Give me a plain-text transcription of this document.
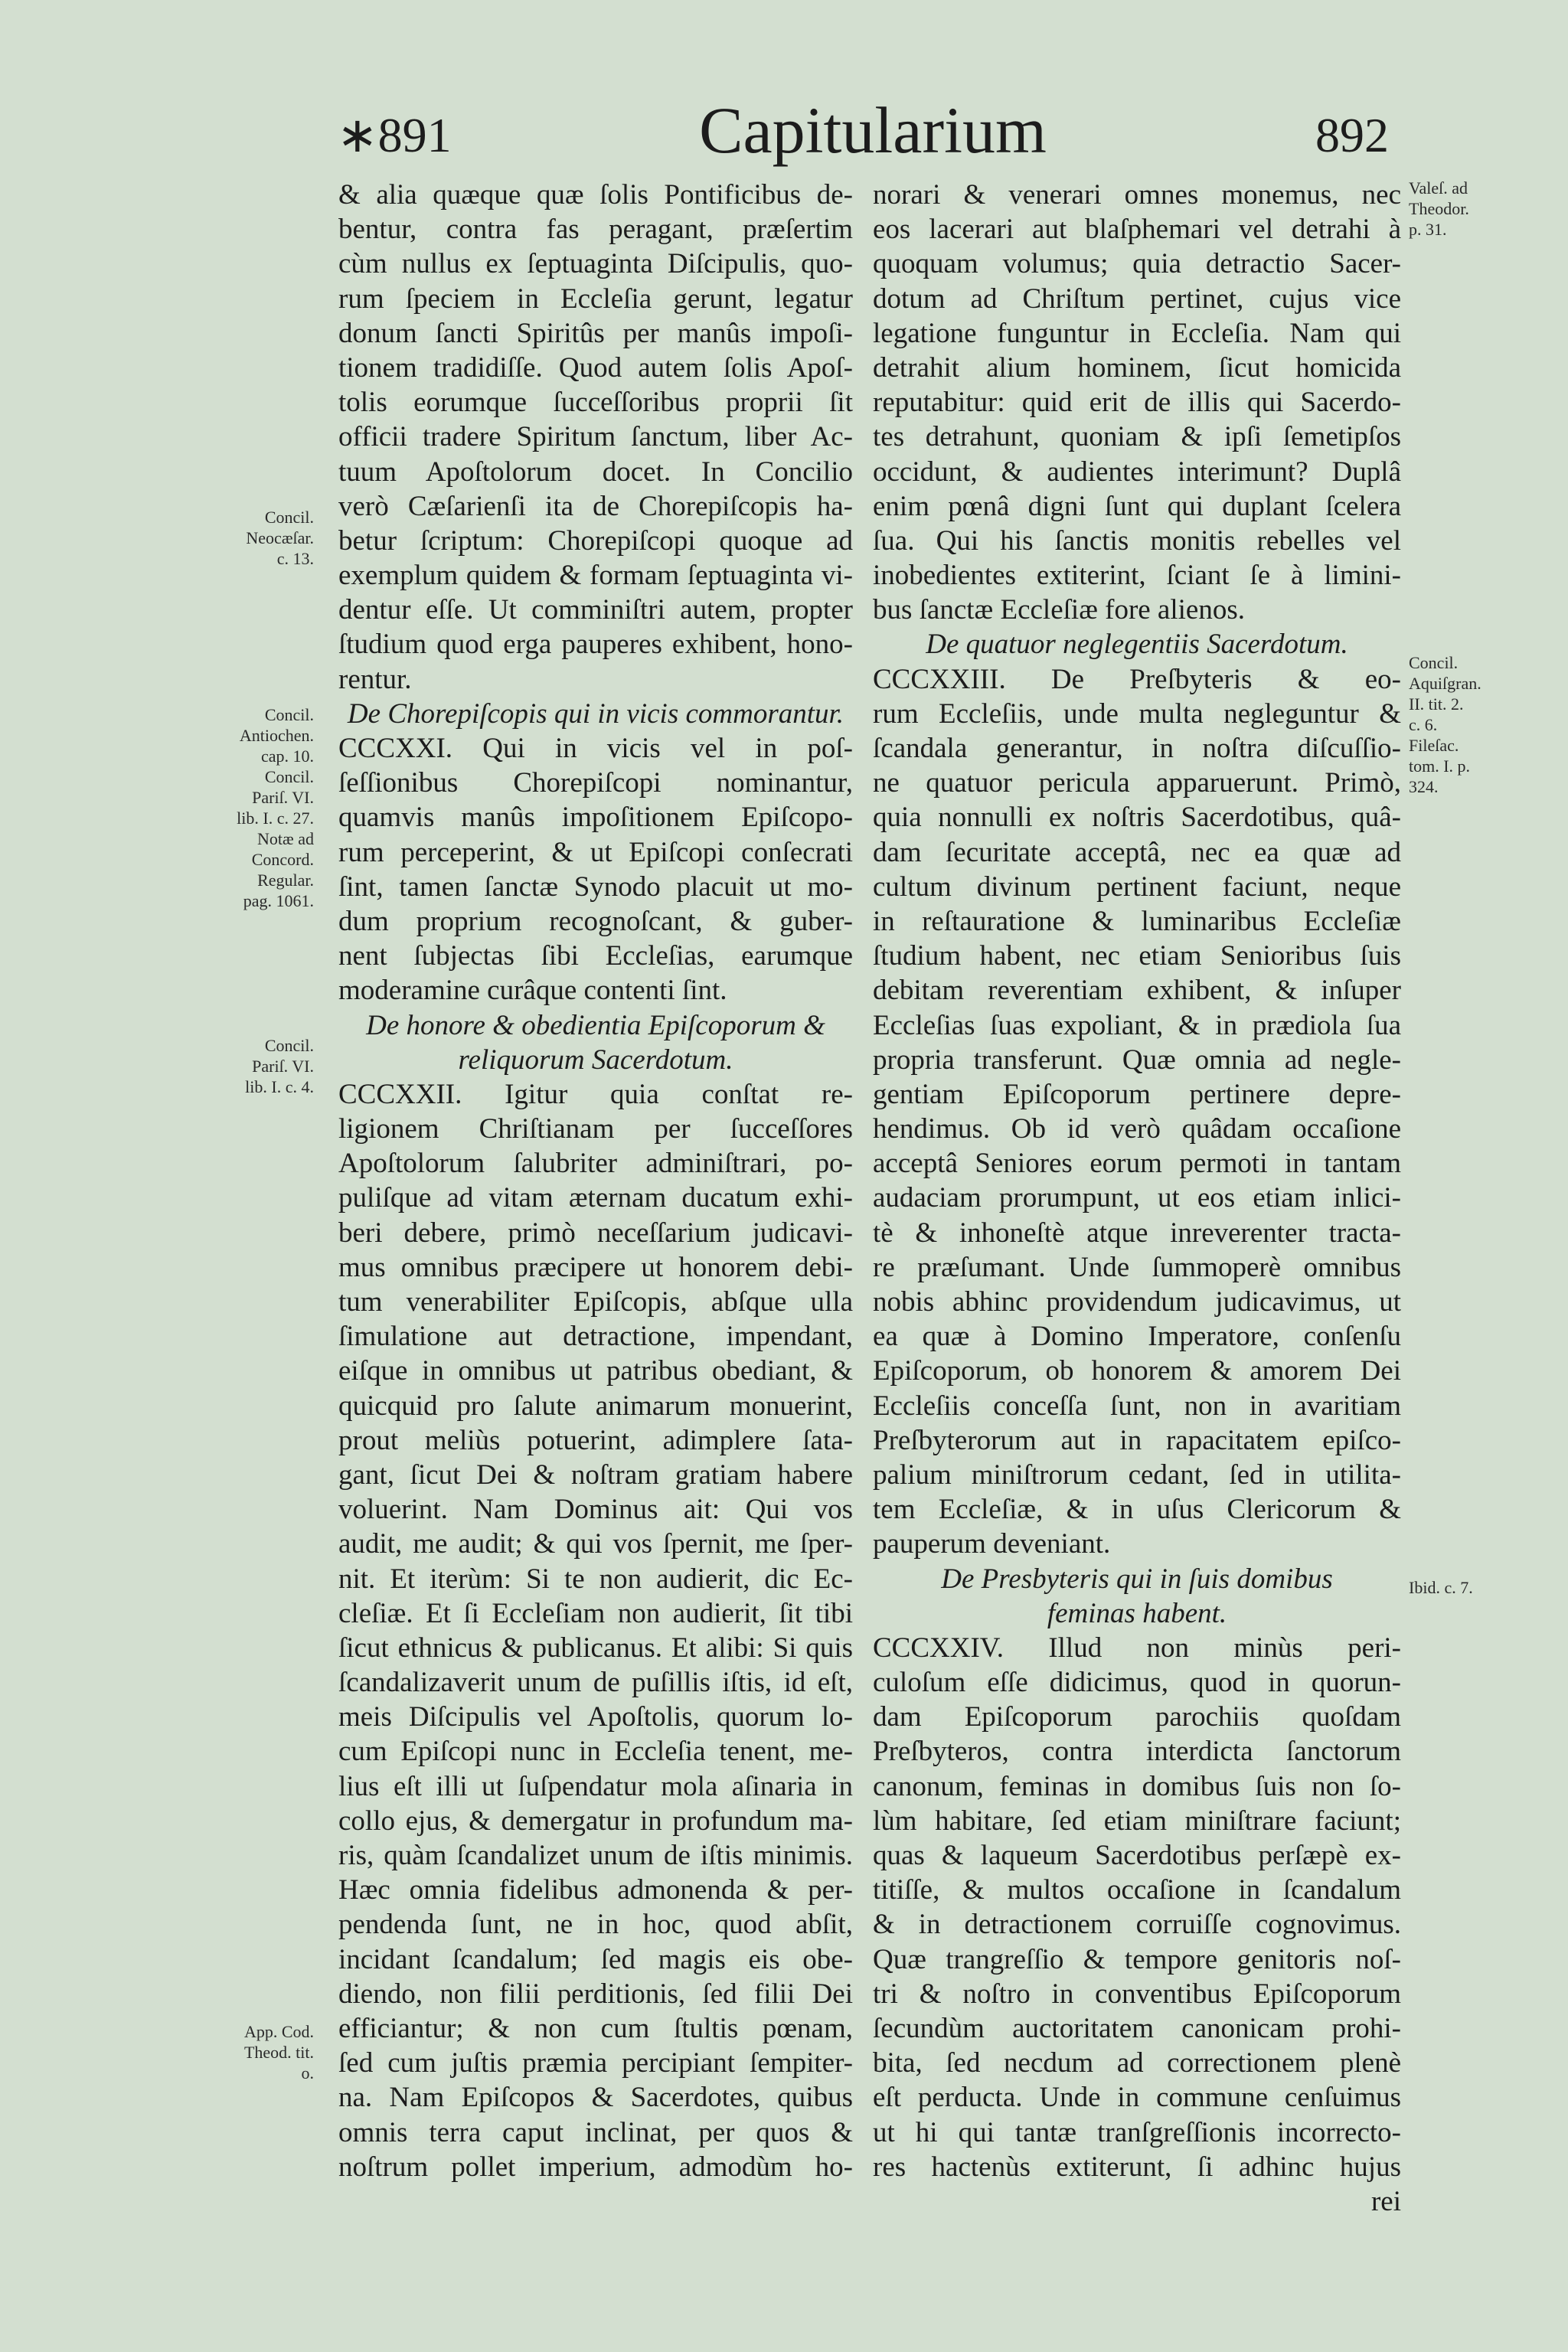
∗891	Capitularium	892
& alia quæque quæ ſolis Pontificibus de-
bentur, contra fas peragant, præſertim
cùm nullus ex ſeptuaginta Diſcipulis, quo-
rum ſpeciem in Eccleſia gerunt, legatur
donum ſancti Spiritûs per manûs impoſi-
tionem tradidiſſe. Quod autem ſolis Apoſ-
tolis eorumque ſucceſſoribus proprii ſit
officii tradere Spiritum ſanctum, liber Ac-
tuum Apoſtolorum docet. In Concilio
verò Cæſarienſi ita de Chorepiſcopis ha-
betur ſcriptum: Chorepiſcopi quoque ad
exemplum quidem & formam ſeptuaginta vi-
dentur eſſe. Ut comminiſtri autem, propter
ſtudium quod erga pauperes exhibent, hono-
rentur.
De Chorepiſcopis qui in vicis commorantur.
CCCXXI. Qui in vicis vel in poſ-
ſeſſionibus Chorepiſcopi nominantur,
quamvis manûs impoſitionem Epiſcopo-
rum perceperint, & ut Epiſcopi conſecrati
ſint, tamen ſanctæ Synodo placuit ut mo-
dum proprium recognoſcant, & guber-
nent ſubjectas ſibi Eccleſias, earumque
moderamine curâque contenti ſint.
De honore & obedientia Epiſcoporum &
reliquorum Sacerdotum.
CCCXXII. Igitur quia conſtat re-
ligionem Chriſtianam per ſucceſſores
Apoſtolorum ſalubriter adminiſtrari, po-
puliſque ad vitam æternam ducatum exhi-
beri debere, primò neceſſarium judicavi-
mus omnibus præcipere ut honorem debi-
tum venerabiliter Epiſcopis, abſque ulla
ſimulatione aut detractione, impendant,
eiſque in omnibus ut patribus obediant, &
quicquid pro ſalute animarum monuerint,
prout meliùs potuerint, adimplere ſata-
gant, ſicut Dei & noſtram gratiam habere
voluerint. Nam Dominus ait: Qui vos
audit, me audit; & qui vos ſpernit, me ſper-
nit. Et iterùm: Si te non audierit, dic Ec-
cleſiæ. Et ſi Eccleſiam non audierit, ſit tibi
ſicut ethnicus & publicanus. Et alibi: Si quis
ſcandalizaverit unum de puſillis iſtis, id eſt,
meis Diſcipulis vel Apoſtolis, quorum lo-
cum Epiſcopi nunc in Eccleſia tenent, me-
lius eſt illi ut ſuſpendatur mola aſinaria in
collo ejus, & demergatur in profundum ma-
ris, quàm ſcandalizet unum de iſtis minimis.
Hæc omnia fidelibus admonenda & per-
pendenda ſunt, ne in hoc, quod abſit,
incidant ſcandalum; ſed magis eis obe-
diendo, non filii perditionis, ſed filii Dei
efficiantur; & non cum ſtultis pœnam,
ſed cum juſtis præmia percipiant ſempiter-
na. Nam Epiſcopos & Sacerdotes, quibus
omnis terra caput inclinat, per quos &
noſtrum pollet imperium, admodùm ho-
norari & venerari omnes monemus, nec
eos lacerari aut blaſphemari vel detrahi à
quoquam volumus; quia detractio Sacer-
dotum ad Chriſtum pertinet, cujus vice
legatione funguntur in Eccleſia. Nam qui
detrahit alium hominem, ſicut homicida
reputabitur: quid erit de illis qui Sacerdo-
tes detrahunt, quoniam & ipſi ſemetipſos
occidunt, & audientes interimunt? Duplâ
enim pœnâ digni ſunt qui duplant ſcelera
ſua. Qui his ſanctis monitis rebelles vel
inobedientes extiterint, ſciant ſe à limini-
bus ſanctæ Eccleſiæ fore alienos.
De quatuor neglegentiis Sacerdotum.
CCCXXIII. De Preſbyteris & eo-
rum Eccleſiis, unde multa negleguntur &
ſcandala generantur, in noſtra diſcuſſio-
ne quatuor pericula apparuerunt. Primò,
quia nonnulli ex noſtris Sacerdotibus, quâ-
dam ſecuritate acceptâ, nec ea quæ ad
cultum divinum pertinent faciunt, neque
in reſtauratione & luminaribus Eccleſiæ
ſtudium habent, nec etiam Senioribus ſuis
debitam reverentiam exhibent, & inſuper
Eccleſias ſuas expoliant, & in prædiola ſua
propria transferunt. Quæ omnia ad negle-
gentiam Epiſcoporum pertinere depre-
hendimus. Ob id verò quâdam occaſione
acceptâ Seniores eorum permoti in tantam
audaciam prorumpunt, ut eos etiam inlici-
tè & inhoneſtè atque inreverenter tracta-
re præſumant. Unde ſummoperè omnibus
nobis abhinc providendum judicavimus, ut
ea quæ à Domino Imperatore, conſenſu
Epiſcoporum, ob honorem & amorem Dei
Eccleſiis conceſſa ſunt, non in avaritiam
Preſbyterorum aut in rapacitatem epiſco-
palium miniſtrorum cedant, ſed in utilita-
tem Eccleſiæ, & in uſus Clericorum &
pauperum deveniant.
De Presbyteris qui in ſuis domibus
feminas habent.
CCCXXIV. Illud non minùs peri-
culoſum eſſe didicimus, quod in quorun-
dam Epiſcoporum parochiis quoſdam
Preſbyteros, contra interdicta ſanctorum
canonum, feminas in domibus ſuis non ſo-
lùm habitare, ſed etiam miniſtrare faciunt;
quas & laqueum Sacerdotibus perſæpè ex-
titiſſe, & multos occaſione in ſcandalum
& in detractionem corruiſſe cognovimus.
Quæ trangreſſio & tempore genitoris noſ-
tri & noſtro in conventibus Epiſcoporum
ſecundùm auctoritatem canonicam prohi-
bita, ſed necdum ad correctionem plenè
eſt perducta. Unde in commune cenſuimus
ut hi qui tantæ tranſgreſſionis incorrecto-
res hactenùs extiterunt, ſi adhinc hujus
rei
Concil.
Neocæſar.
c. 13.
Concil.
Antiochen.
cap. 10.
Concil.
Pariſ. VI.
lib. I. c. 27.
Notæ ad
Concord.
Regular.
pag. 1061.
Concil.
Pariſ. VI.
lib. I. c. 4.
App. Cod.
Theod. tit.
o.
Valeſ. ad
Theodor.
p. 31.
Concil.
Aquiſgran.
II. tit. 2.
c. 6.
Fileſac.
tom. I. p.
324.
Ibid. c. 7.
